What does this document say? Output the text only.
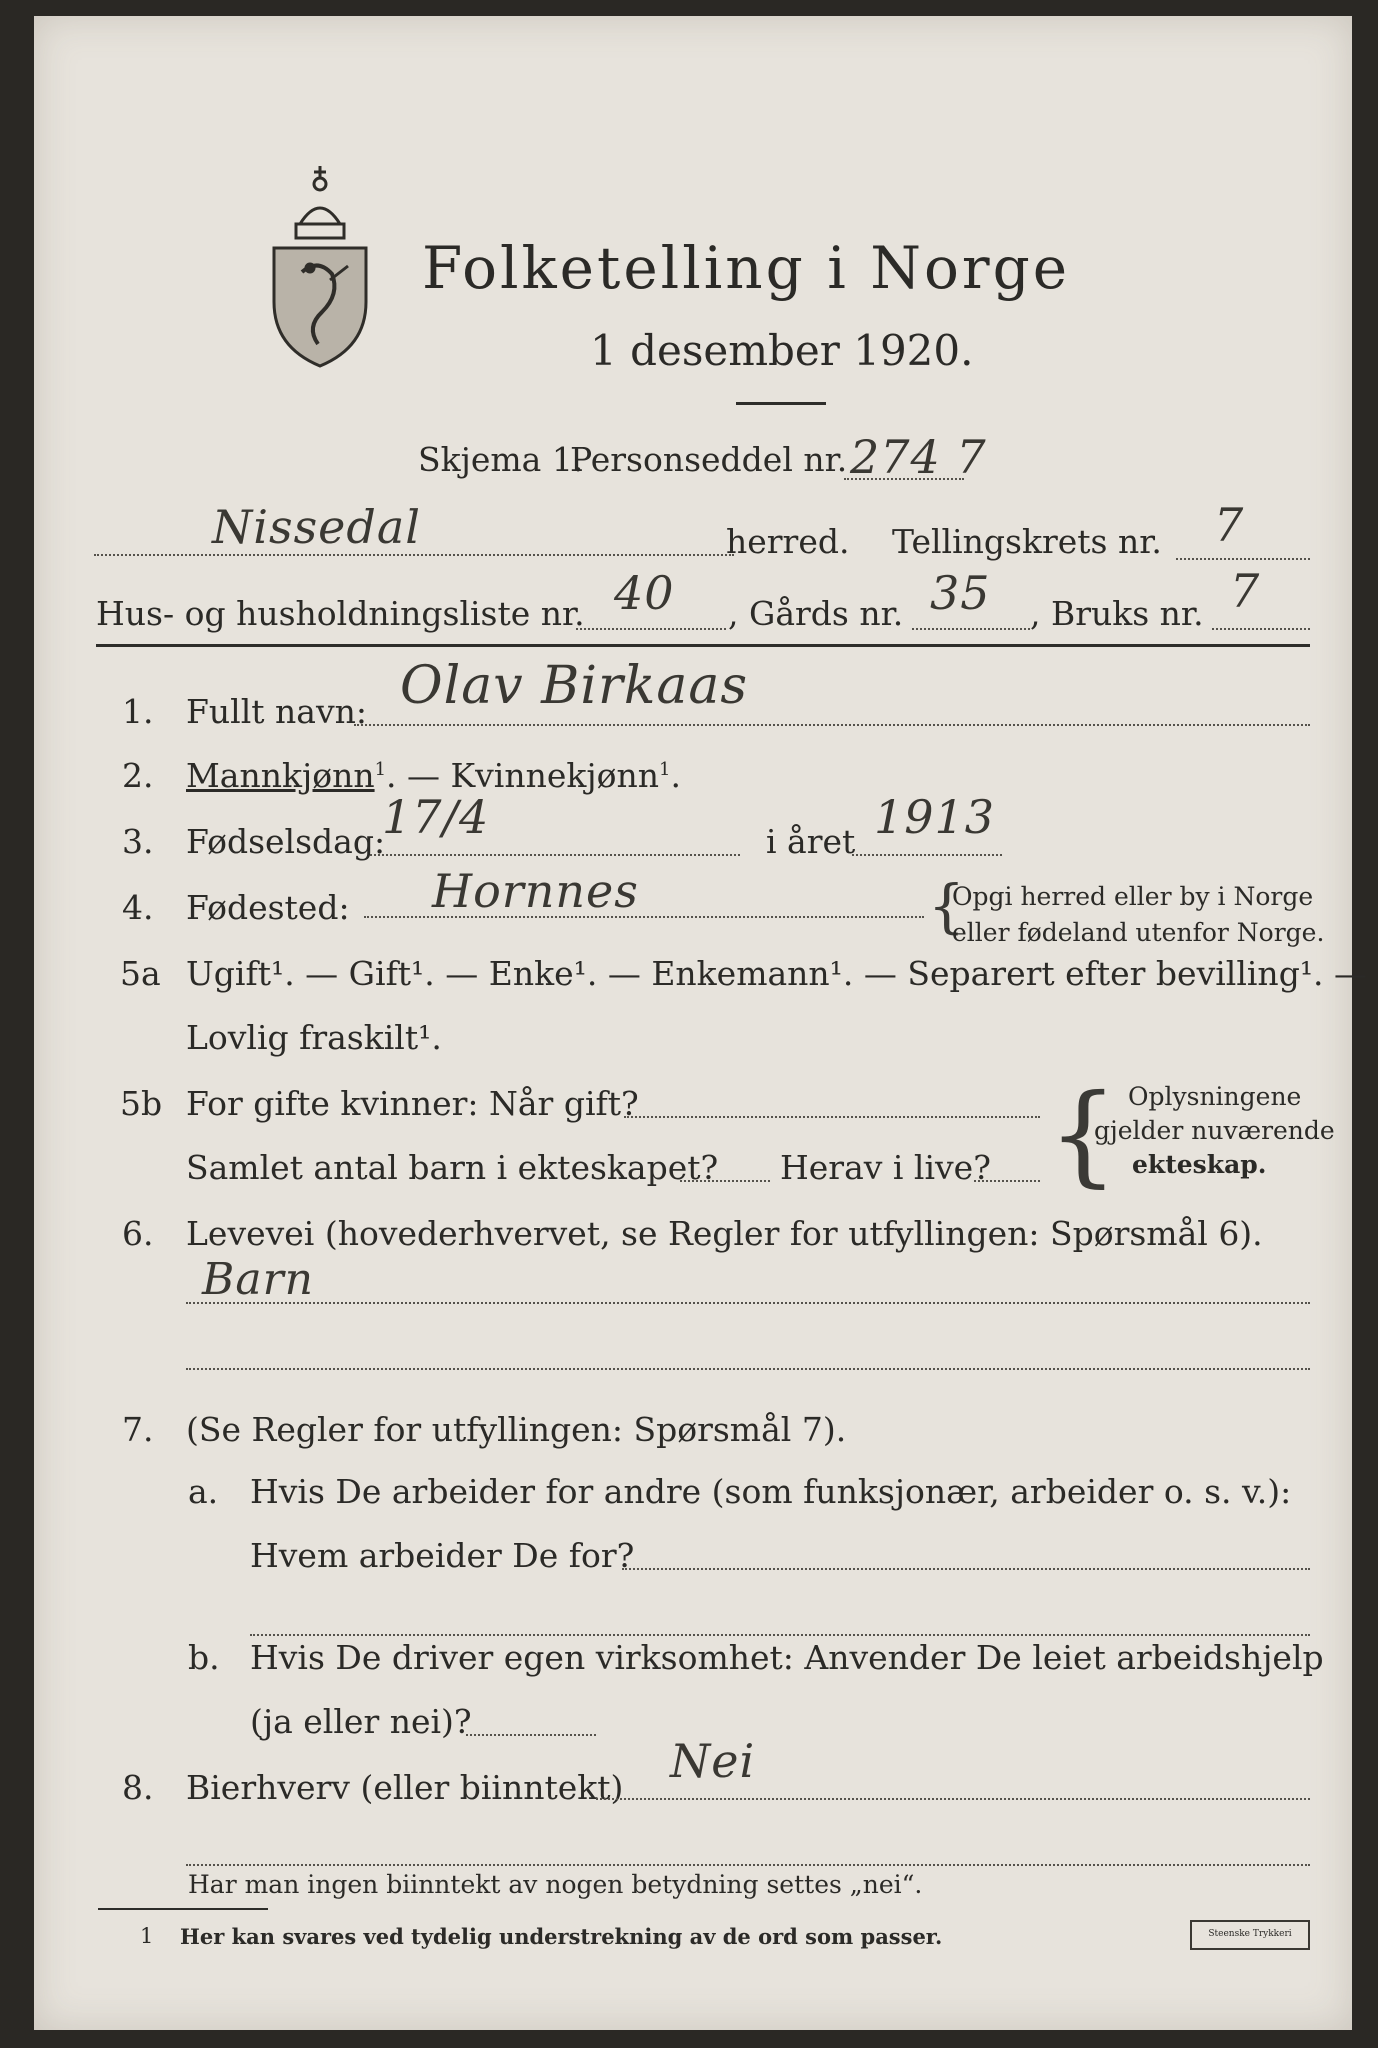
Folketelling i Norge
1 desember 1920.
Skjema 1.
Personseddel nr. 274 7
Nissedal	herred. Tellingskrets nr. 7
Hus- og husholdningsliste nr. 40 , Gårds nr. 35 , Bruks nr. 7
1. Fullt navn: Olav Birkaas
2. Mannkjønn$^1$. — Kvinnekjønn$^1$.
3. Fødselsdag:
17/4	i året 1913
4. Fødested: Hornnes	{
Opgi herred eller by i Norge
eller fødeland utenfor Norge.
5a Ugift¹. — Gift¹. — Enke¹. — Enkemann¹. — Separert efter bevilling¹. —
Lovlig fraskilt¹.
5b For gifte kvinner: Når gift?
Samlet antal barn i ekteskapet? Herav i live? { Oplysningene
gjelder nuværende
ekteskap.
6. Levevei (hovederhvervet, se Regler for utfyllingen: Spørsmål 6).
Barn
7. (Se Regler for utfyllingen: Spørsmål 7).
a. Hvis De arbeider for andre (som funksjonær, arbeider o. s. v.):
Hvem arbeider De for?
b. Hvis De driver egen virksomhet: Anvender De leiet arbeidshjelp
(ja eller nei)?
8. Bierhverv (eller biinntekt) Nei
Har man ingen biinntekt av nogen betydning settes „nei“.
1 Her kan svares ved tydelig understrekning av de ord som passer.	Steenske Trykkeri
